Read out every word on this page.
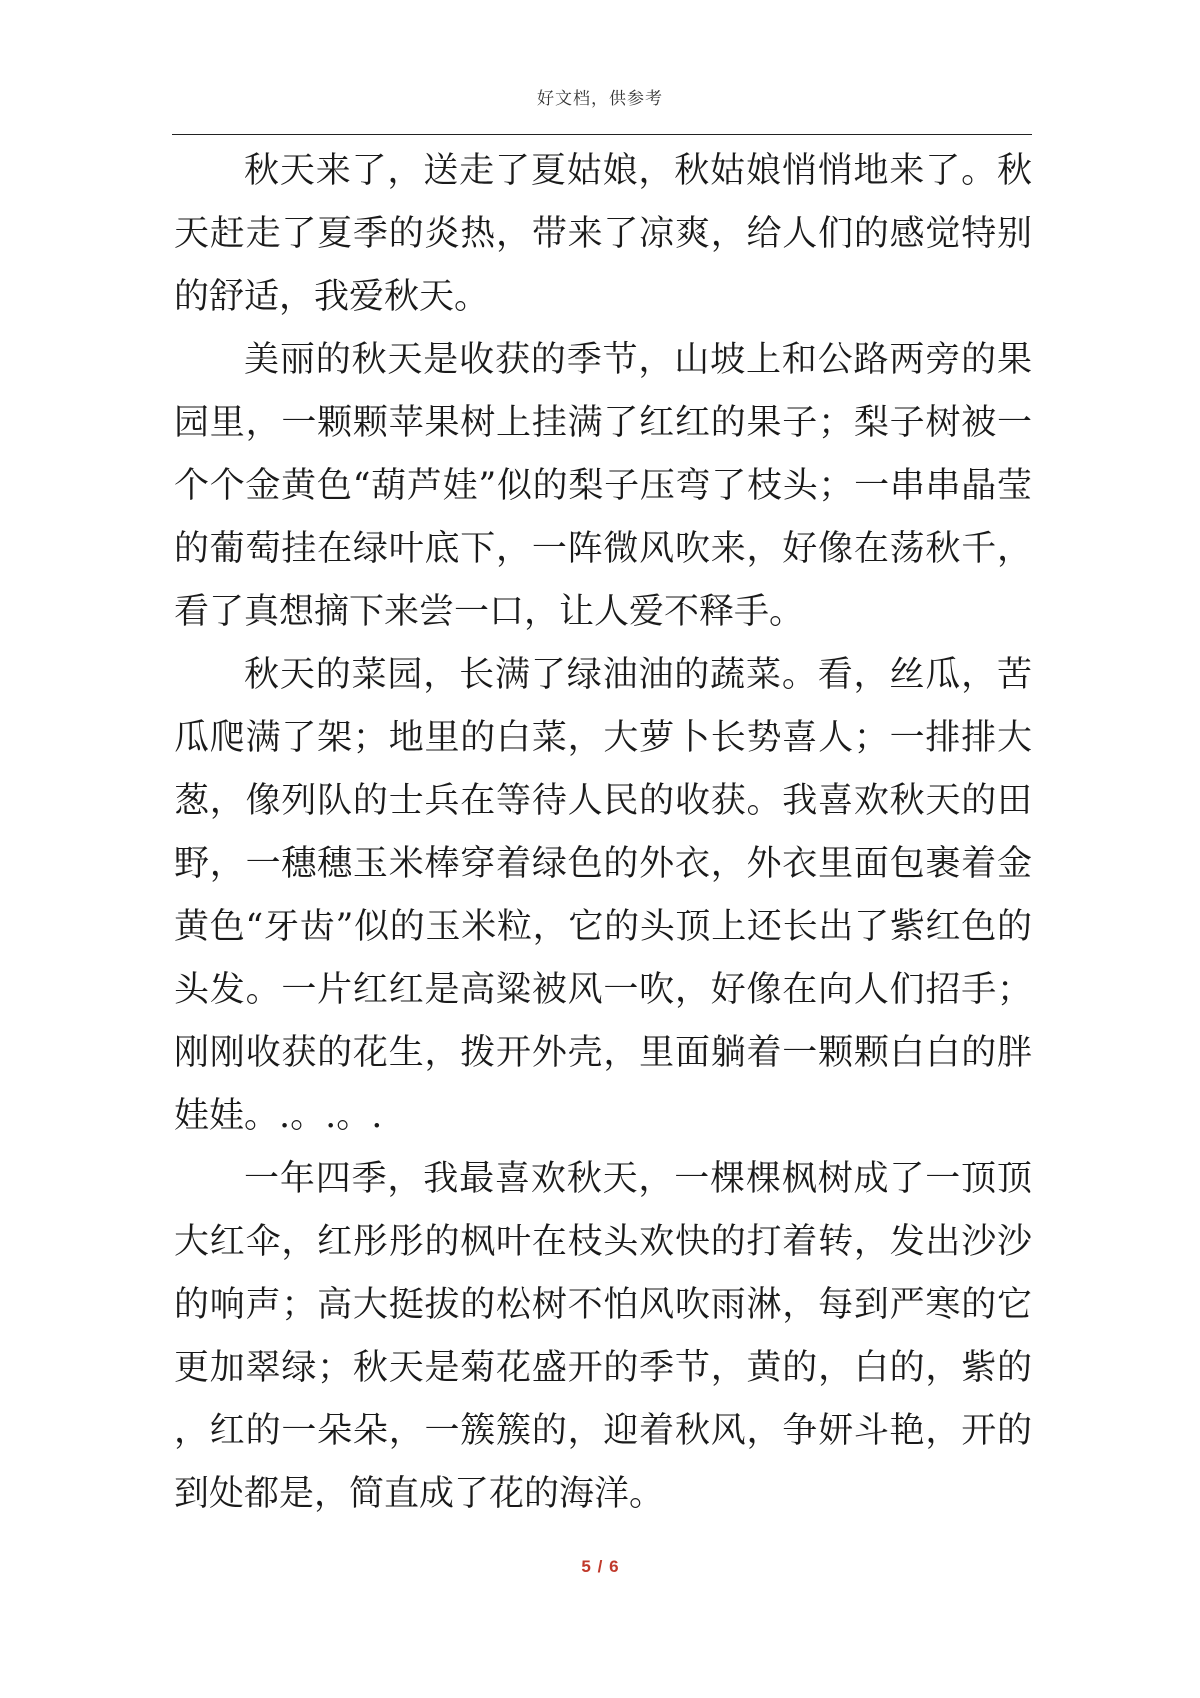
好文档，供参考

秋天来了，送走了夏姑娘，秋姑娘悄悄地来了。秋天赶走了夏季的炎热，带来了凉爽，给人们的感觉特别的舒适，我爱秋天。

美丽的秋天是收获的季节，山坡上和公路两旁的果园里，一颗颗苹果树上挂满了红红的果子；梨子树被一个个金黄色“葫芦娃”似的梨子压弯了枝头；一串串晶莹的葡萄挂在绿叶底下，一阵微风吹来，好像在荡秋千，看了真想摘下来尝一口，让人爱不释手。

秋天的菜园，长满了绿油油的蔬菜。看，丝瓜，苦瓜爬满了架；地里的白菜，大萝卜长势喜人；一排排大葱，像列队的士兵在等待人民的收获。我喜欢秋天的田野，一穗穗玉米棒穿着绿色的外衣，外衣里面包裹着金黄色“牙齿”似的玉米粒，它的头顶上还长出了紫红色的头发。一片红红是高粱被风一吹，好像在向人们招手；刚刚收获的花生，拨开外壳，里面躺着一颗颗白白的胖娃娃。.。.。.

一年四季，我最喜欢秋天，一棵棵枫树成了一顶顶大红伞，红彤彤的枫叶在枝头欢快的打着转，发出沙沙的响声；高大挺拔的松树不怕风吹雨淋，每到严寒的它更加翠绿；秋天是菊花盛开的季节，黄的，白的，紫的，红的一朵朵，一簇簇的，迎着秋风，争妍斗艳，开的到处都是，简直成了花的海洋。

5 / 6
